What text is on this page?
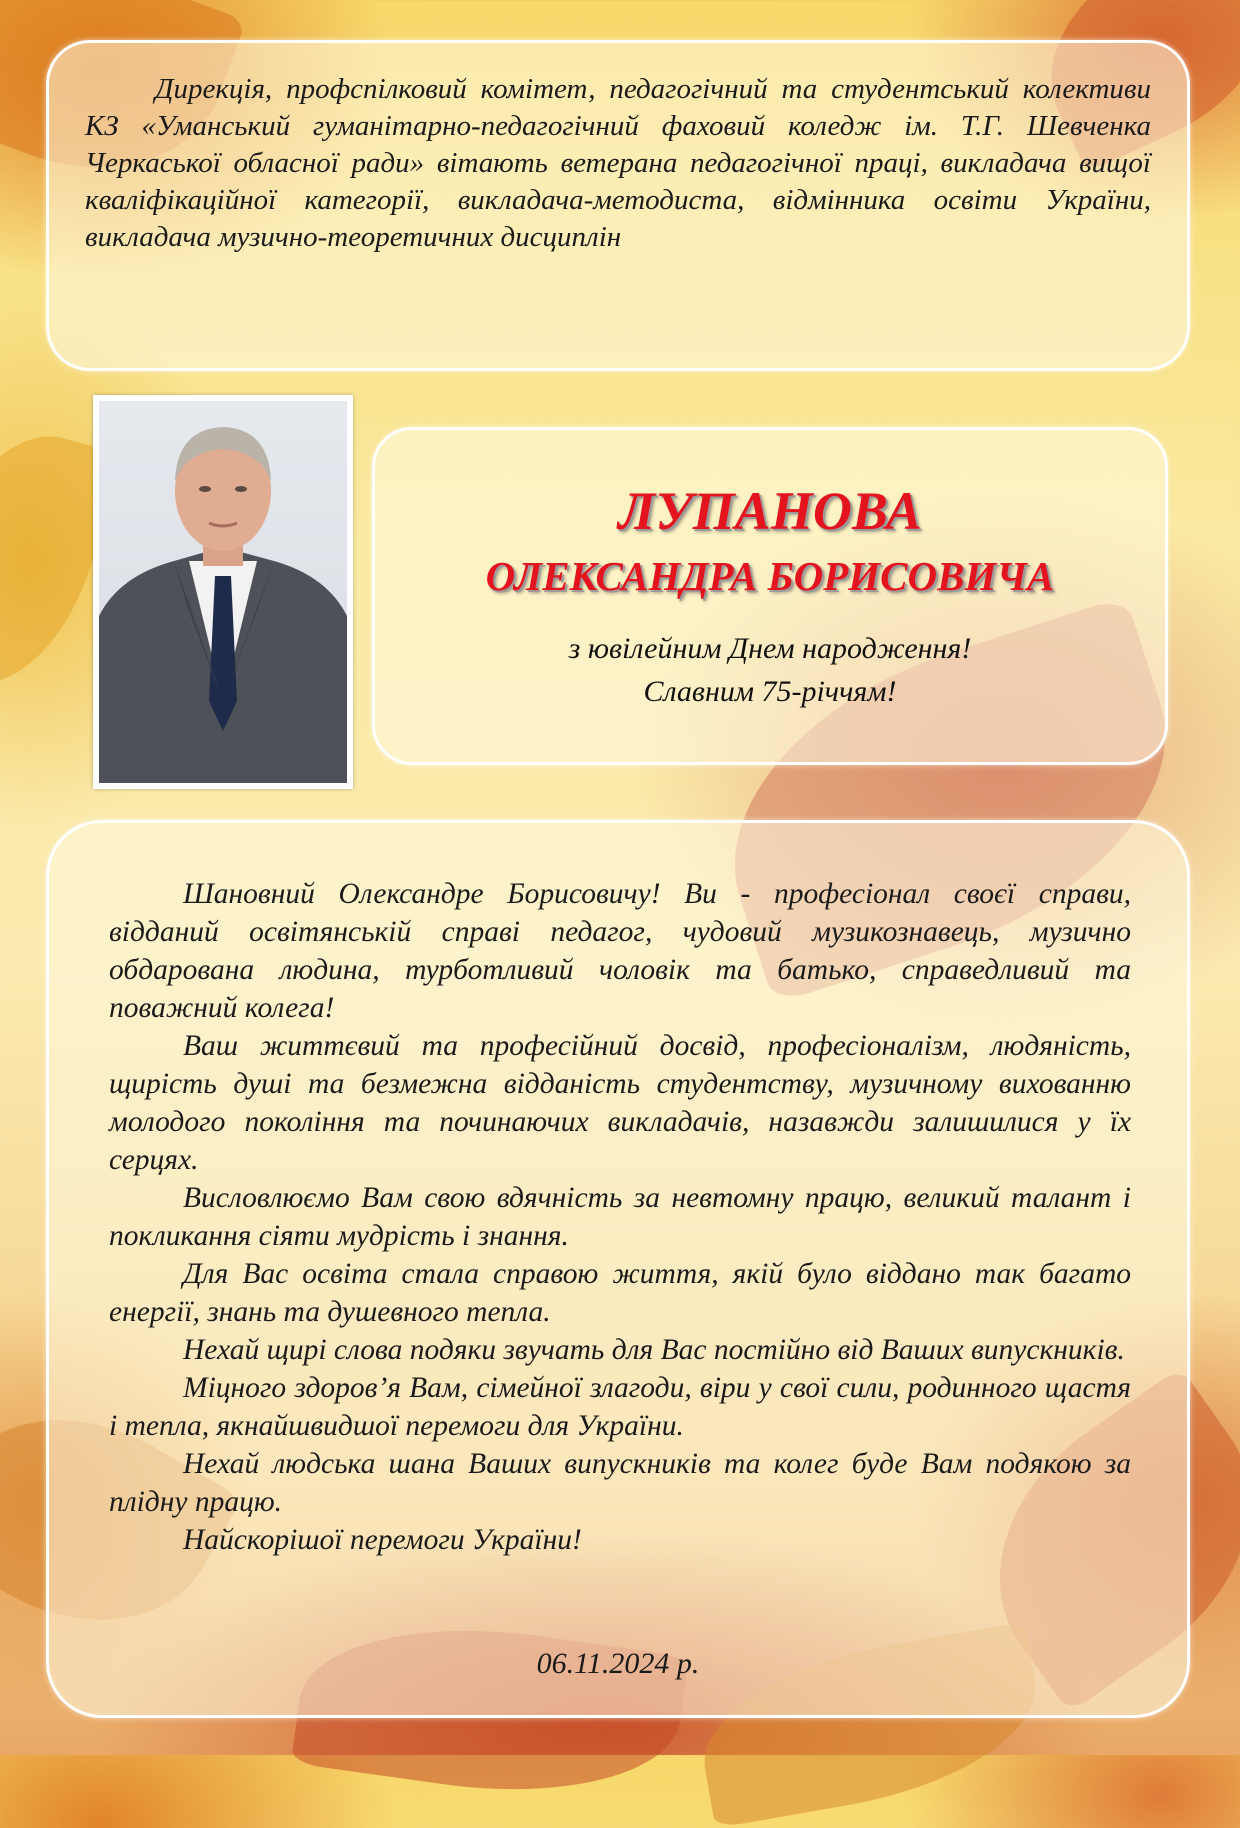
Дирекція, профспілковий комітет, педагогічний та студентський колективи КЗ «Уманський гуманітарно-педагогічний фаховий коледж ім. Т.Г. Шевченка Черкаської обласної ради» вітають ветерана педагогічної праці, викладача вищої кваліфікаційної категорії, викладача-методиста, відмінника освіти України, викладача музично-теоретичних дисциплін

ЛУПАНОВА

ОЛЕКСАНДРА БОРИСОВИЧА

з ювілейним Днем народження!

Славним 75-річчям!

Шановний Олександре Борисовичу! Ви - професіонал своєї справи, відданий освітянській справі педагог, чудовий музикознавець, музично обдарована людина, турботливий чоловік та батько, справедливий та поважний колега!

Ваш життєвий та професійний досвід, професіоналізм, людяність, щирість душі та безмежна відданість студентству, музичному вихованню молодого покоління та починаючих викладачів, назавжди залишилися у їх серцях.

Висловлюємо Вам свою вдячність за невтомну працю, великий талант і покликання сіяти мудрість і знання.

Для Вас освіта стала справою життя, якій було віддано так багато енергії, знань та душевного тепла.

Нехай щирі слова подяки звучать для Вас постійно від Ваших випускників.

Міцного здоров’я Вам, сімейної злагоди, віри у свої сили, родинного щастя і тепла, якнайшвидшої перемоги для України.

Нехай людська шана Ваших випускників та колег буде Вам подякою за плідну працю.

Найскорішої перемоги України!

06.11.2024 р.
